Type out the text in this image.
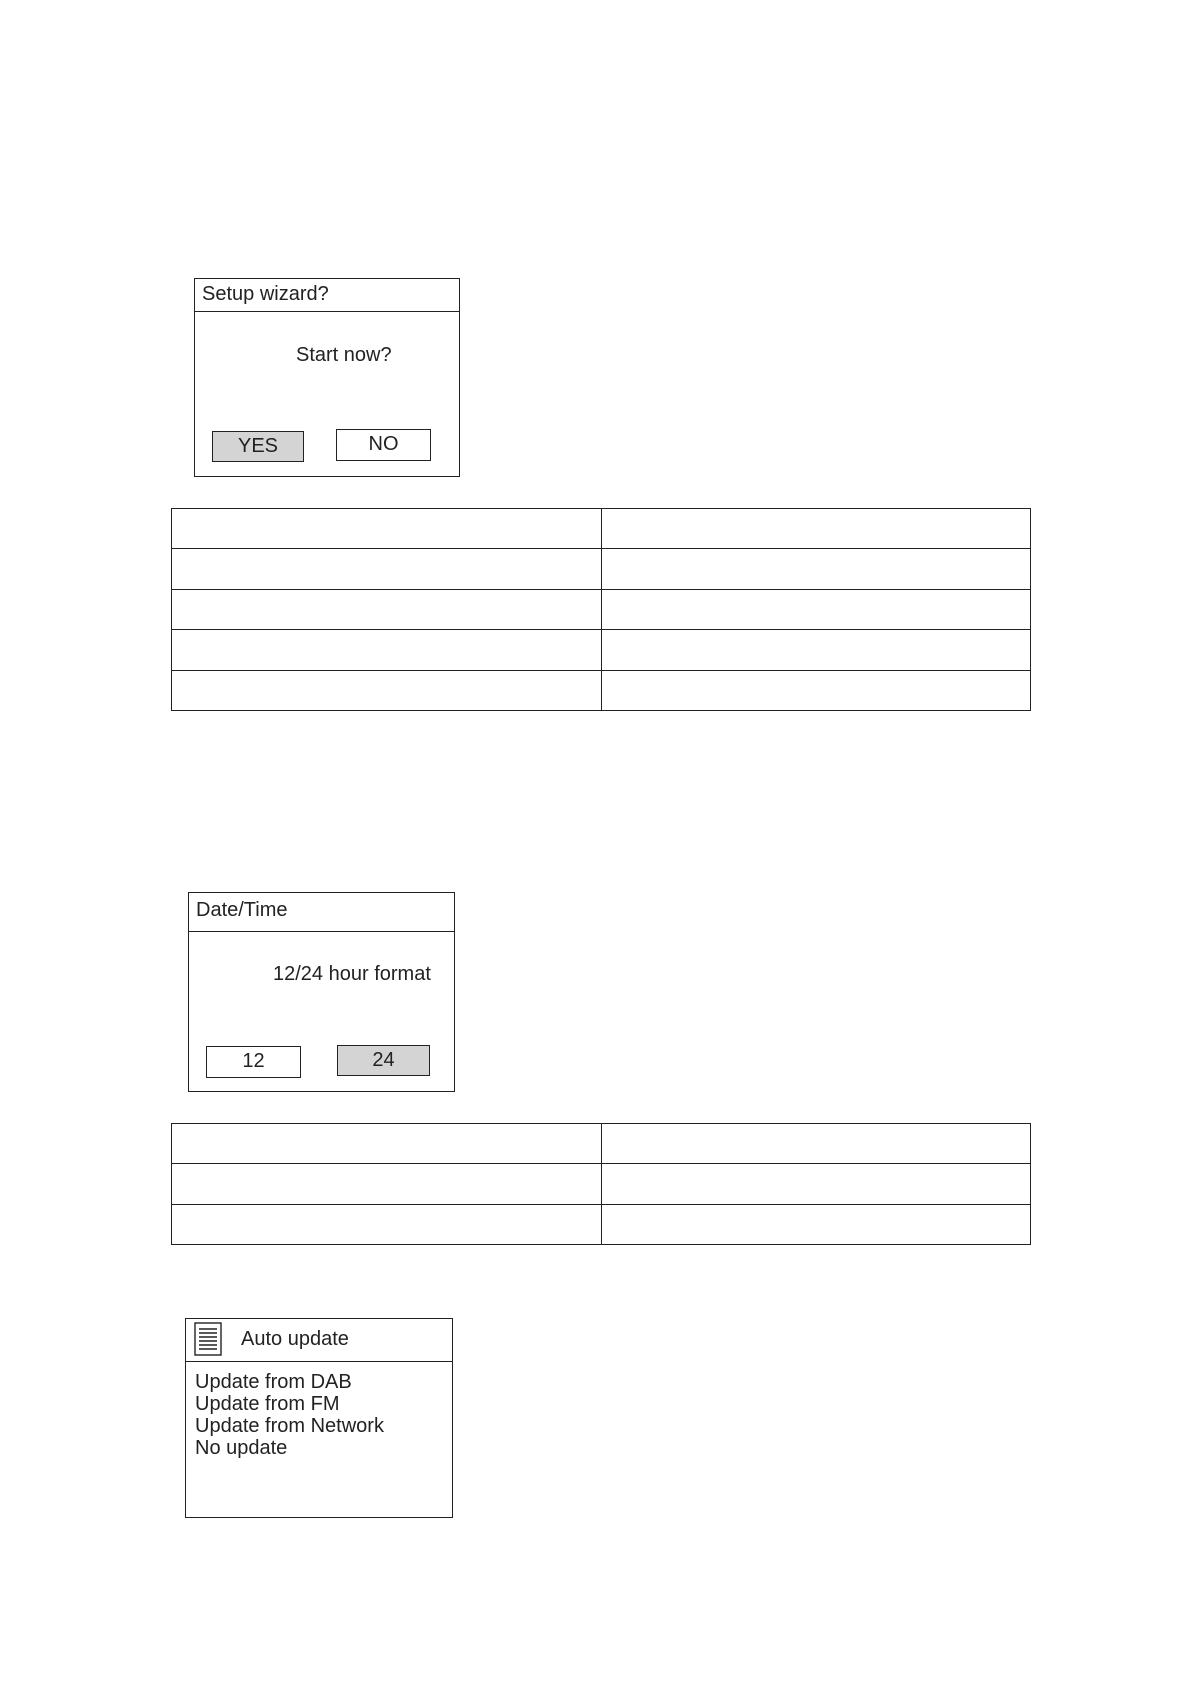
Setup wizard?
Start now?
YES	NO

Date/Time
12/24 hour format
12	24

Auto update
Update from DAB
Update from FM
Update from Network
No update
